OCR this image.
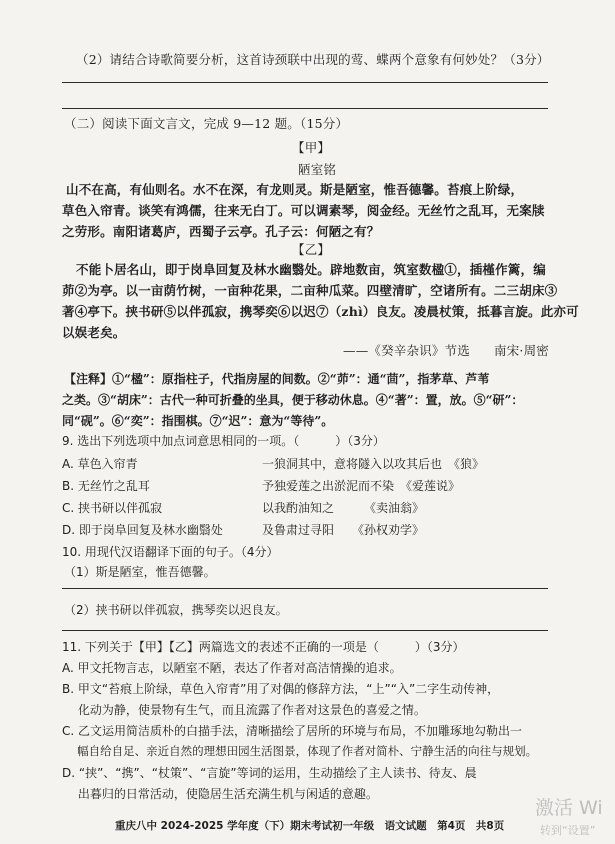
（2）请结合诗歌简要分析，这首诗颈联中出现的莺、蝶两个意象有何妙处？（3分）
（二）阅读下面文言文，完成 9—12 题。（15分）
【甲】
陋室铭
山不在高，有仙则名。水不在深，有龙则灵。斯是陋室，惟吾德馨。苔痕上阶绿，
草色入帘青。谈笑有鸿儒，往来无白丁。可以调素琴，阅金经。无丝竹之乱耳，无案牍
之劳形。南阳诸葛庐，西蜀子云亭。孔子云：何陋之有？
【乙】
不能卜居名山，即于岗阜回复及林水幽翳处。辟地数亩，筑室数楹①，插槿作篱，编
茆②为亭。以一亩荫竹树，一亩种花果，二亩种瓜菜。四壁清旷，空诸所有。二三胡床③
著④亭下。挟书研⑤以伴孤寂，携琴奕⑥以迟⑦（zhì）良友。凌晨杖策，抵暮言旋。此亦可
以娱老矣。
——《癸辛杂识》节选 南宋·周密
【注释】①“楹”：原指柱子，代指房屋的间数。②“茆”：通“茴”，指茅草、芦苇
之类。③“胡床”：古代一种可折叠的坐具，便于移动休息。④“著”：置，放。⑤“研”：
同“砚”。⑥“奕”：指围棋。⑦“迟”：意为“等待”。
9. 选出下列选项中加点词意思相同的一项。（　　　）（3分）
A. 草色入帘青	一狼洞其中，意将隧入以攻其后也　《狼》
B. 无丝竹之乱耳	予独爱莲之出淤泥而不染　《爱莲说》
C. 挟书研以伴孤寂	以我酌油知之　　　《卖油翁》
D. 即于岗阜回复及林水幽翳处	及鲁肃过寻阳　　《孙权劝学》
10. 用现代汉语翻译下面的句子。（4分）
（1）斯是陋室，惟吾德馨。
（2）挟书研以伴孤寂，携琴奕以迟良友。
11. 下列关于【甲】【乙】两篇选文的表述不正确的一项是（　　　）（3分）
A. 甲文托物言志，以陋室不陋，表达了作者对高洁情操的追求。
B. 甲文“苔痕上阶绿，草色入帘青”用了对偶的修辞方法，“上”“入”二字生动传神，
　 化动为静，使景物有生气，而且流露了作者对这景色的喜爱之情。
C. 乙文运用简洁质朴的白描手法，清晰描绘了居所的环境与布局，不加雕琢地勾勒出一
　 幅自给自足、亲近自然的理想田园生活图景，体现了作者对简朴、宁静生活的向往与规划。
D. “挟”、“携”、“杖策”、“言旋”等词的运用，生动描绘了主人读书、待友、晨
　 出暮归的日常活动，使隐居生活充满生机与闲适的意趣。
重庆八中 2024-2025 学年度（下）期末考试初一年级　语文试题　第4页　共8页
激活 Wi
转到“设置”
